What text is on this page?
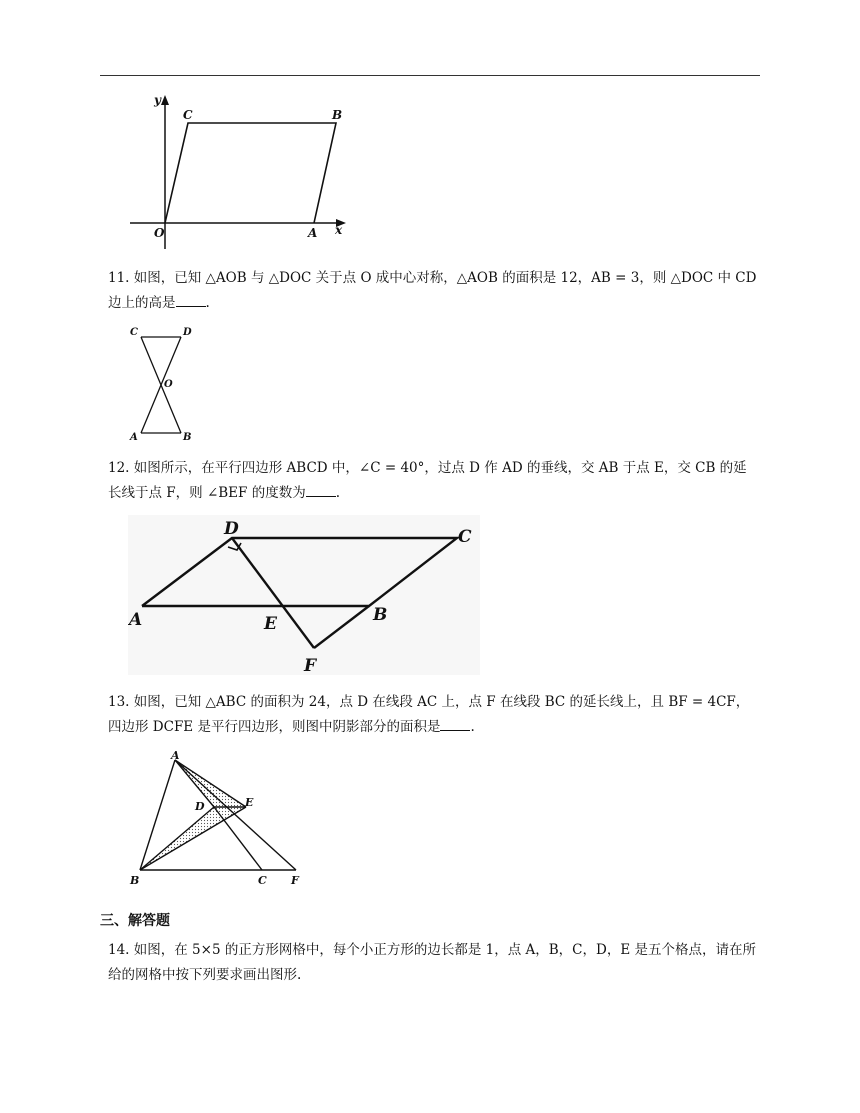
y
x
O	A
B
C
11. 如图，已知 △AOB 与 △DOC 关于点 O 成中心对称，△AOB 的面积是 12，AB = 3，则 △DOC 中 CD 边上的高是 .
C	D
O
A	B
12. 如图所示，在平行四边形 ABCD 中，∠C = 40°，过点 D 作 AD 的垂线，交 AB 于点 E，交 CB 的延长线于点 F，则 ∠BEF 的度数为 .
D	C
A	E	B
F
13. 如图，已知 △ABC 的面积为 24，点 D 在线段 AC 上，点 F 在线段 BC 的延长线上，且 BF = 4CF，四边形 DCFE 是平行四边形，则图中阴影部分的面积是 .
A
D	E
B	C F
三、解答题
14. 如图，在 5×5 的正方形网格中，每个小正方形的边长都是 1，点 A，B，C，D，E 是五个格点，请在所给的网格中按下列要求画出图形.
